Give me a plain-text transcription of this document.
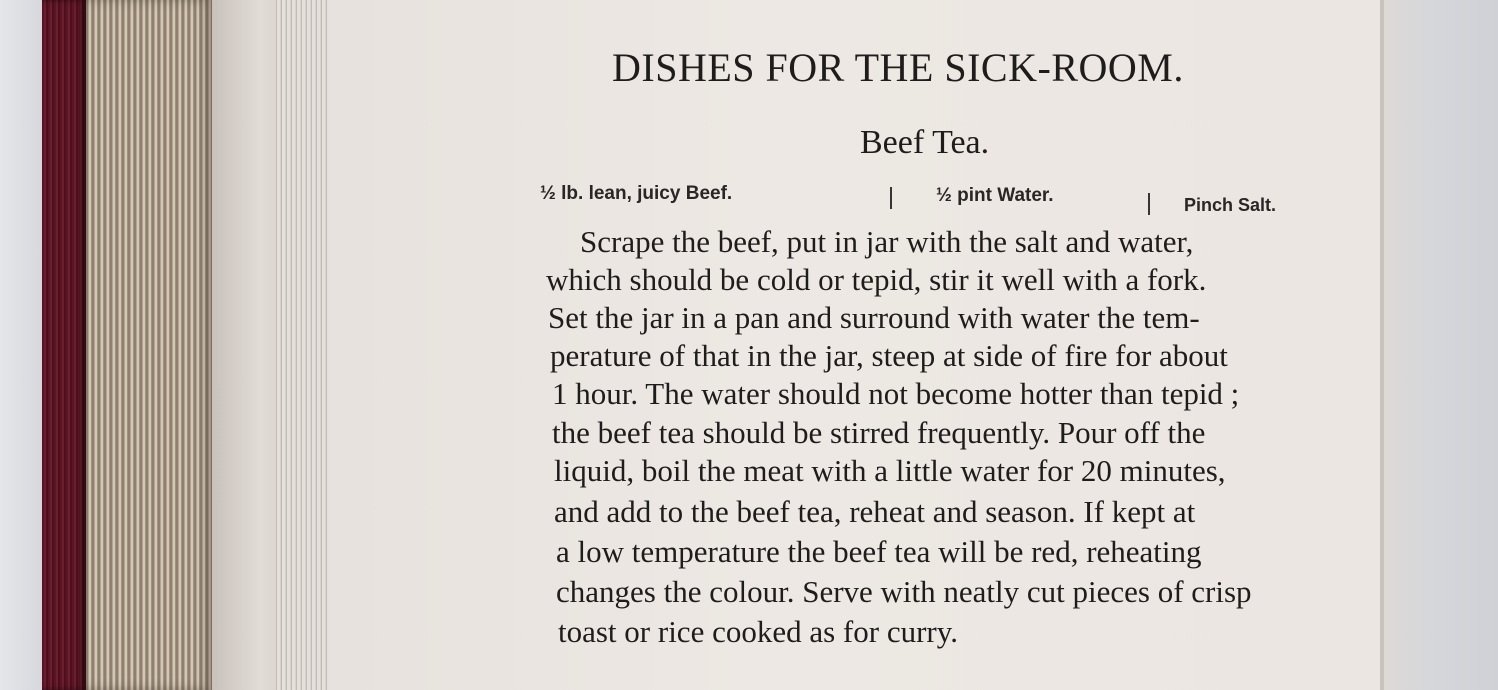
DISHES FOR THE SICK-ROOM.
Beef Tea.
½ lb. lean, juicy Beef.	½ pint Water.	Pinch Salt.
Scrape the beef, put in jar with the salt and water,
which should be cold or tepid, stir it well with a fork.
Set the jar in a pan and surround with water the tem-
perature of that in the jar, steep at side of fire for about
1 hour. The water should not become hotter than tepid ;
the beef tea should be stirred frequently. Pour off the
liquid, boil the meat with a little water for 20 minutes,
and add to the beef tea, reheat and season. If kept at
a low temperature the beef tea will be red, reheating
changes the colour. Serve with neatly cut pieces of crisp
toast or rice cooked as for curry.
